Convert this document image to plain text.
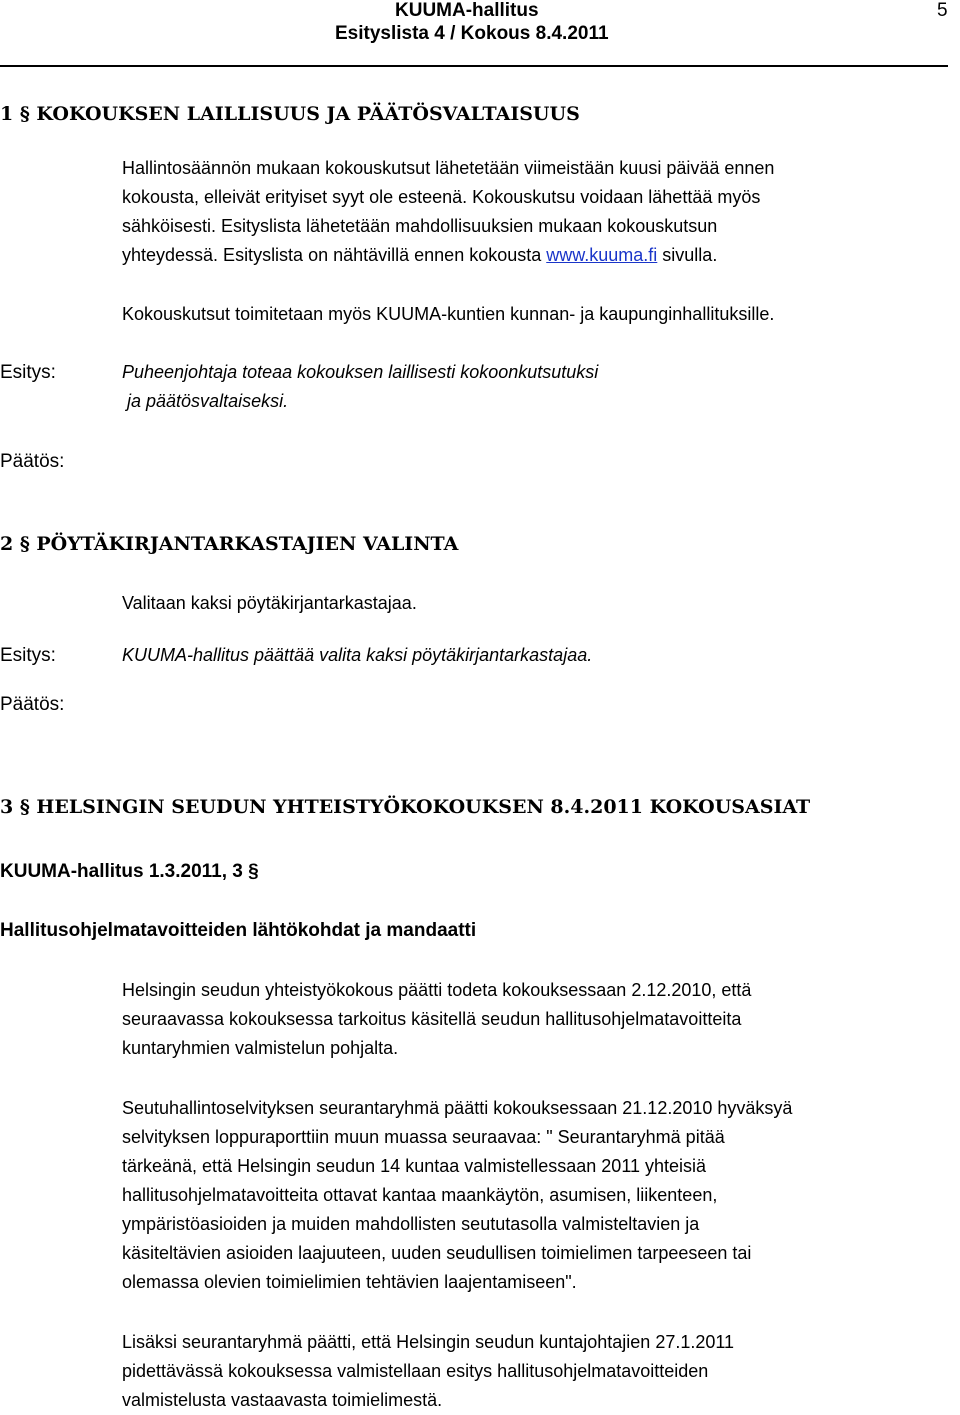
KUUMA-hallitus
Esityslista 4 / Kokous 8.4.2011
5
1 § KOKOUKSEN LAILLISUUS JA PÄÄTÖSVALTAISUUS
Hallintosäännön mukaan kokouskutsut lähetetään viimeistään kuusi päivää ennen
kokousta, elleivät erityiset syyt ole esteenä. Kokouskutsu voidaan lähettää myös
sähköisesti. Esityslista lähetetään mahdollisuuksien mukaan kokouskutsun
yhteydessä. Esityslista on nähtävillä ennen kokousta www.kuuma.fi sivulla.
Kokouskutsut toimitetaan myös KUUMA-kuntien kunnan- ja kaupunginhallituksille.
Esitys:	Puheenjohtaja toteaa kokouksen laillisesti kokoonkutsutuksi
ja päätösvaltaiseksi.
Päätös:
2 § PÖYTÄKIRJANTARKASTAJIEN VALINTA
Valitaan kaksi pöytäkirjantarkastajaa.
Esitys:	KUUMA-hallitus päättää valita kaksi pöytäkirjantarkastajaa.
Päätös:
3 § HELSINGIN SEUDUN YHTEISTYÖKOKOUKSEN 8.4.2011 KOKOUSASIAT
KUUMA-hallitus 1.3.2011, 3 §
Hallitusohjelmatavoitteiden lähtökohdat ja mandaatti
Helsingin seudun yhteistyökokous päätti todeta kokouksessaan 2.12.2010, että
seuraavassa kokouksessa tarkoitus käsitellä seudun hallitusohjelmatavoitteita
kuntaryhmien valmistelun pohjalta.
Seutuhallintoselvityksen seurantaryhmä päätti kokouksessaan 21.12.2010 hyväksyä
selvityksen loppuraporttiin muun muassa seuraavaa: " Seurantaryhmä pitää
tärkeänä, että Helsingin seudun 14 kuntaa valmistellessaan 2011 yhteisiä
hallitusohjelmatavoitteita ottavat kantaa maankäytön, asumisen, liikenteen,
ympäristöasioiden ja muiden mahdollisten seututasolla valmisteltavien ja
käsiteltävien asioiden laajuuteen, uuden seudullisen toimielimen tarpeeseen tai
olemassa olevien toimielimien tehtävien laajentamiseen".
Lisäksi seurantaryhmä päätti, että Helsingin seudun kuntajohtajien 27.1.2011
pidettävässä kokouksessa valmistellaan esitys hallitusohjelmatavoitteiden
valmistelusta vastaavasta toimielimestä.
